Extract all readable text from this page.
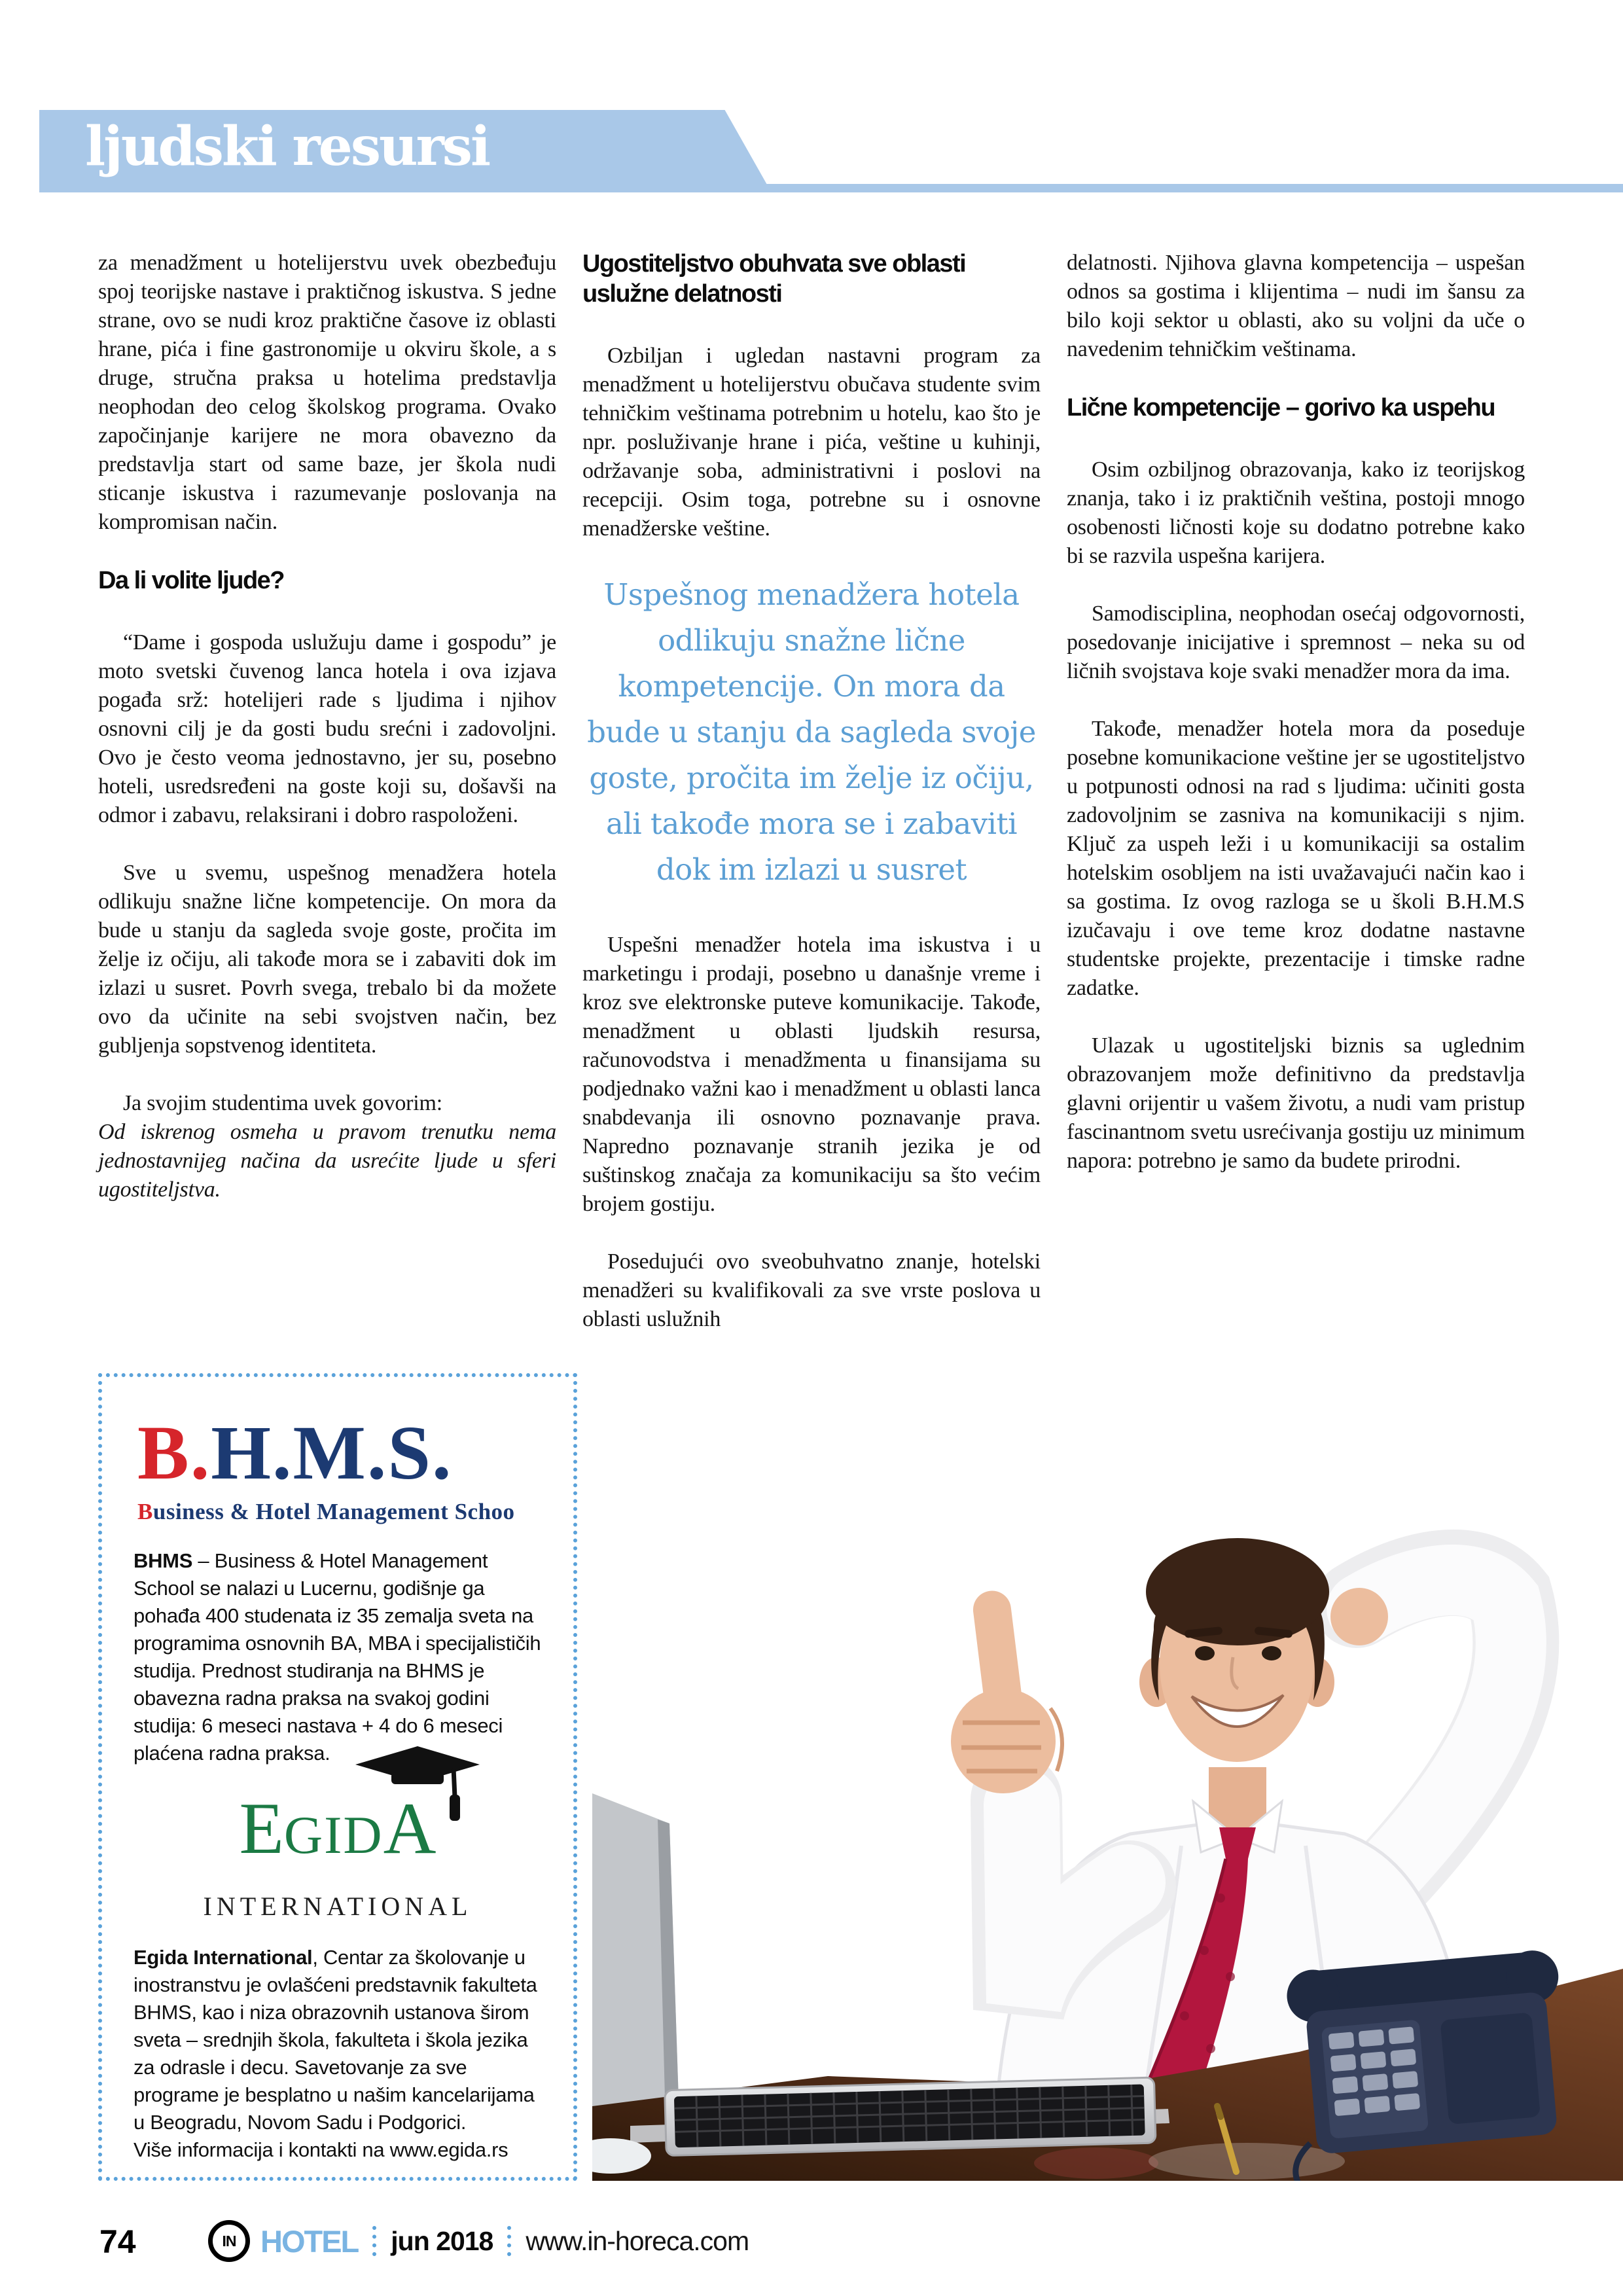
ljudski resursi

za menadžment u hotelijerstvu uvek obezbeđuju spoj teorijske nastave i praktičnog iskustva. S jedne strane, ovo se nudi kroz praktične časove iz oblasti hrane, pića i fine gastronomije u okviru škole, a s druge, stručna praksa u hotelima predstavlja neophodan deo celog školskog programa. Ovako započinjanje karijere ne mora obavezno da predstavlja start od same baze, jer škola nudi sticanje iskustva i razumevanje poslovanja na kompromisan način.

Da li volite ljude?

“Dame i gospoda uslužuju dame i gospodu” je moto svetski čuvenog lanca hotela i ova izjava pogađa srž: hotelijeri rade s ljudima i njihov osnovni cilj je da gosti budu srećni i zadovoljni. Ovo je često veoma jednostavno, jer su, posebno hoteli, usredsređeni na goste koji su, došavši na odmor i zabavu, relaksirani i dobro raspoloženi.

Sve u svemu, uspešnog menadžera hotela odlikuju snažne lične kompetencije. On mora da bude u stanju da sagleda svoje goste, pročita im želje iz očiju, ali takođe mora se i zabaviti dok im izlazi u susret. Povrh svega, trebalo bi da možete ovo da učinite na sebi svojstven način, bez gubljenja sopstvenog identiteta.

Ja svojim studentima uvek govorim:

Od iskrenog osmeha u pravom trenutku nema jednostavnijeg načina da usrećite ljude u sferi ugostiteljstva.

Ugostiteljstvo obuhvata sve oblasti uslužne delatnosti

Ozbiljan i ugledan nastavni program za menadžment u hotelijerstvu obučava studente svim tehničkim veštinama potrebnim u hotelu, kao što je npr. posluživanje hrane i pića, veštine u kuhinji, održavanje soba, administrativni i poslovi na recepciji. Osim toga, potrebne su i osnovne menadžerske veštine.

Uspešnog menadžera hotela odlikuju snažne lične kompetencije. On mora da bude u stanju da sagleda svoje goste, pročita im želje iz očiju, ali takođe mora se i zabaviti dok im izlazi u susret

Uspešni menadžer hotela ima iskustva i u marketingu i prodaji, posebno u današnje vreme i kroz sve elektronske puteve komunikacije. Takođe, menadžment u oblasti ljudskih resursa, računovodstva i menadžmenta u finansijama su podjednako važni kao i menadžment u oblasti lanca snabdevanja ili osnovno poznavanje prava. Napredno poznavanje stranih jezika je od suštinskog značaja za komunikaciju sa što većim brojem gostiju.

Posedujući ovo sveobuhvatno znanje, hotelski menadžeri su kvalifikovali za sve vrste poslova u oblasti uslužnih

delatnosti. Njihova glavna kompetencija – uspešan odnos sa gostima i klijentima – nudi im šansu za bilo koji sektor u oblasti, ako su voljni da uče o navedenim tehničkim veštinama.

Lične kompetencije – gorivo ka uspehu

Osim ozbiljnog obrazovanja, kako iz teorijskog znanja, tako i iz praktičnih veština, postoji mnogo osobenosti ličnosti koje su dodatno potrebne kako bi se razvila uspešna karijera.

Samodisciplina, neophodan osećaj odgovornosti, posedovanje inicijative i spremnost – neka su od ličnih svojstava koje svaki menadžer mora da ima.

Takođe, menadžer hotela mora da poseduje posebne komunikacione veštine jer se ugostiteljstvo u potpunosti odnosi na rad s ljudima: učiniti gosta zadovoljnim se zasniva na komunikaciji s njim. Ključ za uspeh leži i u komunikaciji sa ostalim hotelskim osobljem na isti uvažavajući način kao i sa gostima. Iz ovog razloga se u školi B.H.M.S izučavaju i ove teme kroz dodatne nastavne studentske projekte, prezentacije i timske radne zadatke.

Ulazak u ugostiteljski biznis sa uglednim obrazovanjem može definitivno da predstavlja glavni orijentir u vašem životu, a nudi vam pristup fascinantnom svetu usrećivanja gostiju uz minimum napora: potrebno je samo da budete prirodni.

B.H.M.S.
Business & Hotel Management Schoo

BHMS – Business & Hotel Management School se nalazi u Lucernu, godišnje ga pohađa 400 studenata iz 35 zemalja sveta na programima osnovnih BA, MBA i specijalističih studija. Prednost studiranja na BHMS je obavezna radna praksa na svakoj godini studija: 6 meseci nastava + 4 do 6 meseci plaćena radna praksa.

EGIDA
INTERNATIONAL

Egida International, Centar za školovanje u inostranstvu je ovlašćeni predstavnik fakulteta BHMS, kao i niza obrazovnih ustanova širom sveta – srednjih škola, fakulteta i škola jezika za odrasle i decu. Savetovanje za sve programe je besplatno u našim kancelarijama u Beogradu, Novom Sadu i Podgorici.
Više informacija i kontakti na www.egida.rs

74	IN HOTEL jun 2018 www.in-horeca.com
